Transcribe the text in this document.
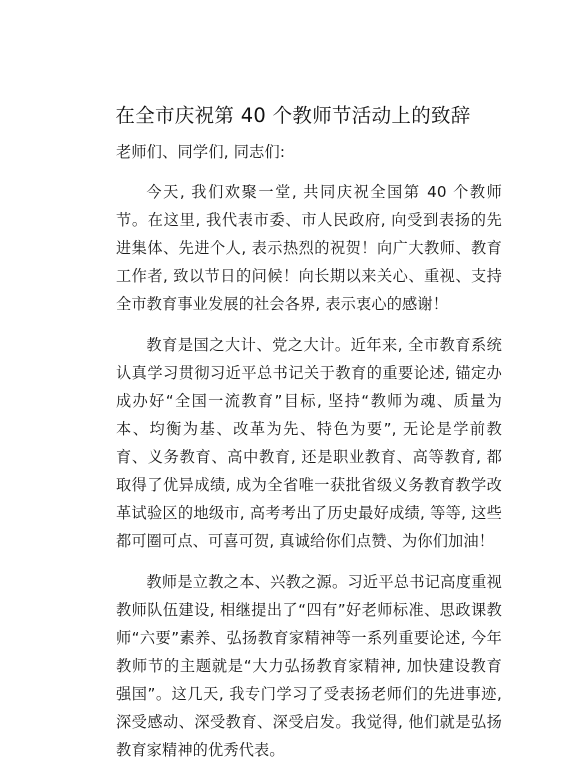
在全市庆祝第 40 个教师节活动上的致辞

老师们、同学们, 同志们:

今天, 我们欢聚一堂, 共同庆祝全国第 40 个教师节。在这里, 我代表市委、市人民政府, 向受到表扬的先进集体、先进个人, 表示热烈的祝贺！向广大教师、教育工作者, 致以节日的问候！向长期以来关心、重视、支持全市教育事业发展的社会各界, 表示衷心的感谢！

教育是国之大计、党之大计。近年来, 全市教育系统认真学习贯彻习近平总书记关于教育的重要论述, 锚定办成办好“全国一流教育”目标, 坚持“教师为魂、质量为本、均衡为基、改革为先、特色为要”, 无论是学前教育、义务教育、高中教育, 还是职业教育、高等教育, 都取得了优异成绩, 成为全省唯一获批省级义务教育教学改革试验区的地级市, 高考考出了历史最好成绩, 等等, 这些都可圈可点、可喜可贺, 真诚给你们点赞、为你们加油！

教师是立教之本、兴教之源。习近平总书记高度重视教师队伍建设, 相继提出了“四有”好老师标准、思政课教师“六要”素养、弘扬教育家精神等一系列重要论述, 今年教师节的主题就是“大力弘扬教育家精神, 加快建设教育强国”。这几天, 我专门学习了受表扬老师们的先进事迹, 深受感动、深受教育、深受启发。我觉得, 他们就是弘扬教育家精神的优秀代表。
